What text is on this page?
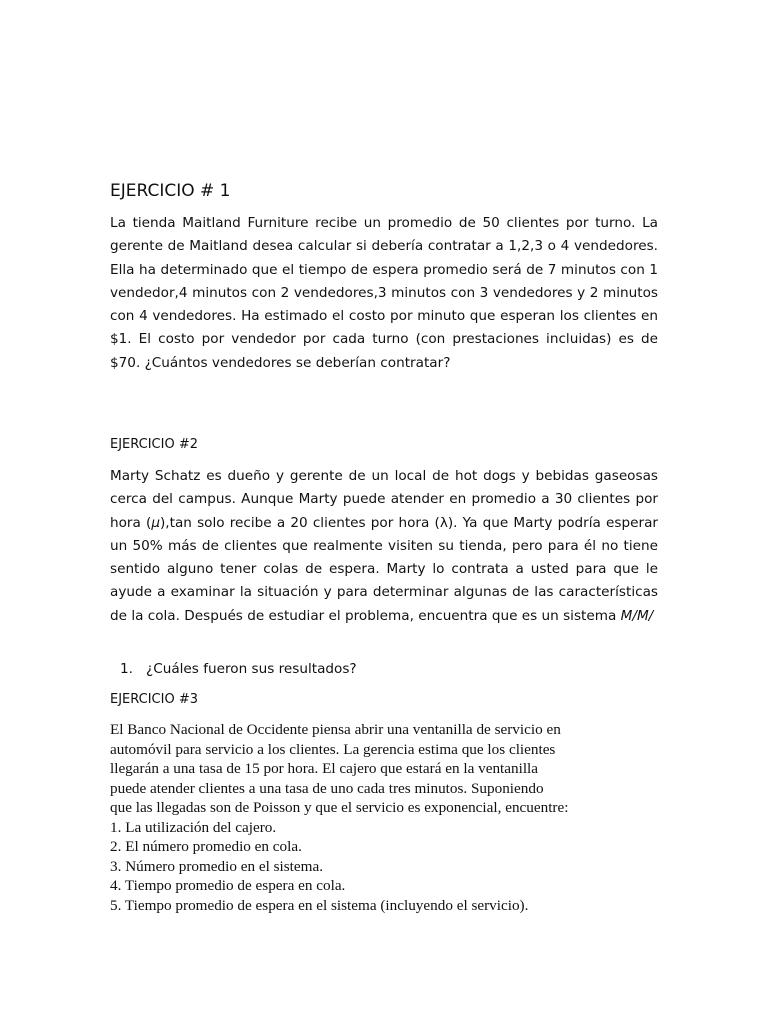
EJERCICIO # 1

La tienda Maitland Furniture recibe un promedio de 50 clientes por turno. La gerente de Maitland desea calcular si debería contratar a 1,2,3 o 4 vendedores. Ella ha determinado que el tiempo de espera promedio será de 7 minutos con 1 vendedor,4 minutos con 2 vendedores,3 minutos con 3 vendedores y 2 minutos con 4 vendedores. Ha estimado el costo por minuto que esperan los clientes en $1. El costo por vendedor por cada turno (con prestaciones incluidas) es de $70. ¿Cuántos vendedores se deberían contratar?

EJERCICIO #2

Marty Schatz es dueño y gerente de un local de hot dogs y bebidas gaseosas cerca del campus. Aunque Marty puede atender en promedio a 30 clientes por hora (μ),tan solo recibe a 20 clientes por hora (λ). Ya que Marty podría esperar un 50% más de clientes que realmente visiten su tienda, pero para él no tiene sentido alguno tener colas de espera. Marty lo contrata a usted para que le ayude a examinar la situación y para determinar algunas de las características de la cola. Después de estudiar el problema, encuentra que es un sistema M/M/

1. ¿Cuáles fueron sus resultados?
EJERCICIO #3
El Banco Nacional de Occidente piensa abrir una ventanilla de servicio en
automóvil para servicio a los clientes. La gerencia estima que los clientes
llegarán a una tasa de 15 por hora. El cajero que estará en la ventanilla
puede atender clientes a una tasa de uno cada tres minutos. Suponiendo
que las llegadas son de Poisson y que el servicio es exponencial, encuentre:
1. La utilización del cajero.
2. El número promedio en cola.
3. Número promedio en el sistema.
4. Tiempo promedio de espera en cola.
5. Tiempo promedio de espera en el sistema (incluyendo el servicio).
